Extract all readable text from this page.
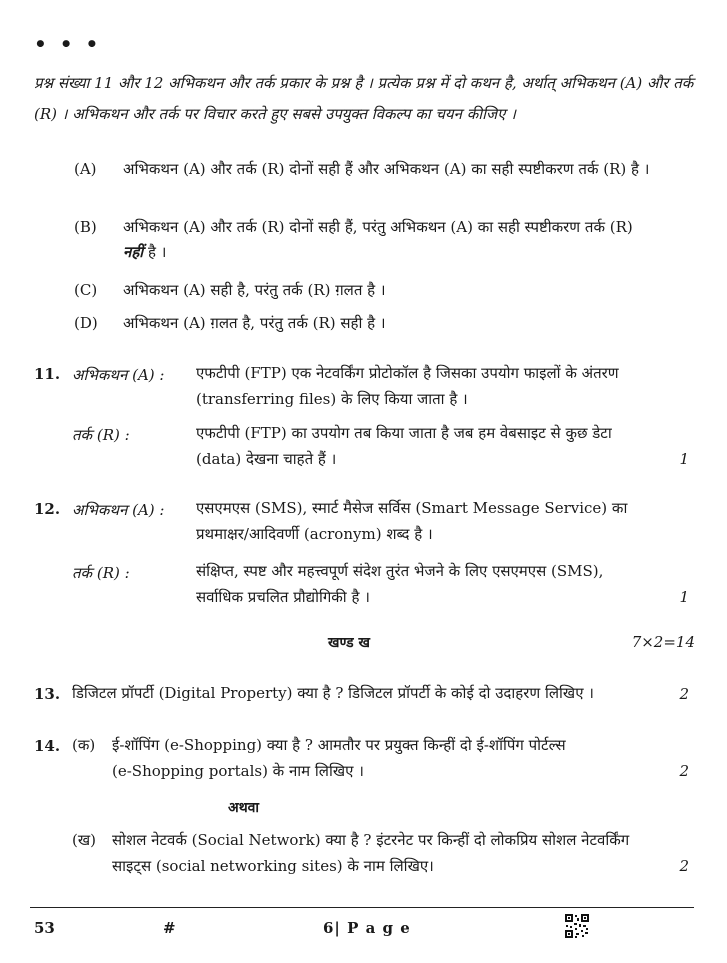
• • •
प्रश्न संख्या 11 और 12 अभिकथन और तर्क प्रकार के प्रश्न है । प्रत्येक प्रश्न में दो कथन है, अर्थात् अभिकथन (A) और तर्क (R) । अभिकथन और तर्क पर विचार करते हुए सबसे उपयुक्त विकल्प का चयन कीजिए ।
(A) अभिकथन (A) और तर्क (R) दोनों सही हैं और अभिकथन (A) का सही स्पष्टीकरण तर्क (R) है ।
(B) अभिकथन (A) और तर्क (R) दोनों सही हैं, परंतु अभिकथन (A) का सही स्पष्टीकरण तर्क (R)
नहीं है ।
(C) अभिकथन (A) सही है, परंतु तर्क (R) ग़लत है ।
(D) अभिकथन (A) ग़लत है, परंतु तर्क (R) सही है ।
11. अभिकथन (A) : एफटीपी (FTP) एक नेटवर्किंग प्रोटोकॉल है जिसका उपयोग फाइलों के अंतरण
(transferring files) के लिए किया जाता है ।
तर्क (R) :	एफटीपी (FTP) का उपयोग तब किया जाता है जब हम वेबसाइट से कुछ डेटा
(data) देखना चाहते हैं ।	1
12. अभिकथन (A) : एसएमएस (SMS), स्मार्ट मैसेज सर्विस (Smart Message Service) का
प्रथमाक्षर/आदिवर्णी (acronym) शब्द है ।
तर्क (R) :	संक्षिप्त, स्पष्ट और महत्त्वपूर्ण संदेश तुरंत भेजने के लिए एसएमएस (SMS),
सर्वाधिक प्रचलित प्रौद्योगिकी है ।	1
खण्ड ख	7×2=14
13. डिजिटल प्रॉपर्टी (Digital Property) क्या है ? डिजिटल प्रॉपर्टी के कोई दो उदाहरण लिखिए ।	2
14. (क) ई-शॉपिंग (e-Shopping) क्या है ? आमतौर पर प्रयुक्त किन्हीं दो ई-शॉपिंग पोर्टल्स
(e-Shopping portals) के नाम लिखिए ।	2
अथवा
(ख) सोशल नेटवर्क (Social Network) क्या है ? इंटरनेट पर किन्हीं दो लोकप्रिय सोशल नेटवर्किंग
साइट्स (social networking sites) के नाम लिखिए।	2
53	#	6| P a g e
